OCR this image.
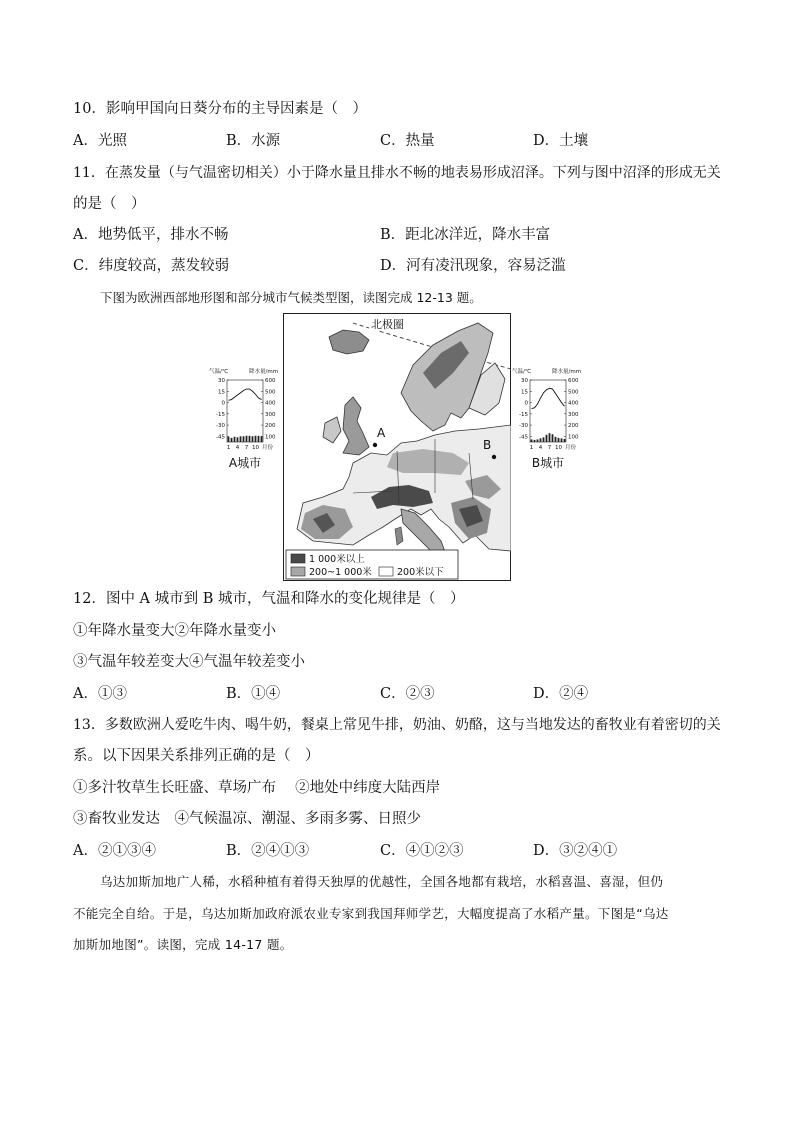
10．影响甲国向日葵分布的主导因素是（　）
A．光照	B．水源	C．热量	D．土壤
11．在蒸发量（与气温密切相关）小于降水量且排水不畅的地表易形成沼泽。下列与图中沼泽的形成无关
的是（　）
A．地势低平，排水不畅	B．距北冰洋近，降水丰富
C．纬度较高，蒸发较弱	D．河有凌汛现象，容易泛滥
下图为欧洲西部地形图和部分城市气候类型图，读图完成 12-13 题。
北极圈
A
B
1 000米以上
200~1 000米	200米以下
气温/℃	降水量/mm
30	600
15	500
0	400
-15	300
-30	200
-45	100
1 4 7 10 月份
A城市
气温/℃	降水量/mm
30	600
15	500
0	400
-15	300
-30	200
-45	100
1 4 7 10 月份
B城市
12．图中 A 城市到 B 城市，气温和降水的变化规律是（　）
①年降水量变大②年降水量变小
③气温年较差变大④气温年较差变小
A．①③	B．①④	C．②③	D．②④
13．多数欧洲人爱吃牛肉、喝牛奶，餐桌上常见牛排，奶油、奶酪，这与当地发达的畜牧业有着密切的关
系。以下因果关系排列正确的是（　）
①多汁牧草生长旺盛、草场广布　 ②地处中纬度大陆西岸
③畜牧业发达　④气候温凉、潮湿、多雨多雾、日照少
A．②①③④	B．②④①③	C．④①②③	D．③②④①
乌达加斯加地广人稀，水稻种植有着得天独厚的优越性，全国各地都有栽培，水稻喜温、喜湿，但仍
不能完全自给。于是，乌达加斯加政府派农业专家到我国拜师学艺，大幅度提高了水稻产量。下图是“乌达
加斯加地图”。读图，完成 14-17 题。
